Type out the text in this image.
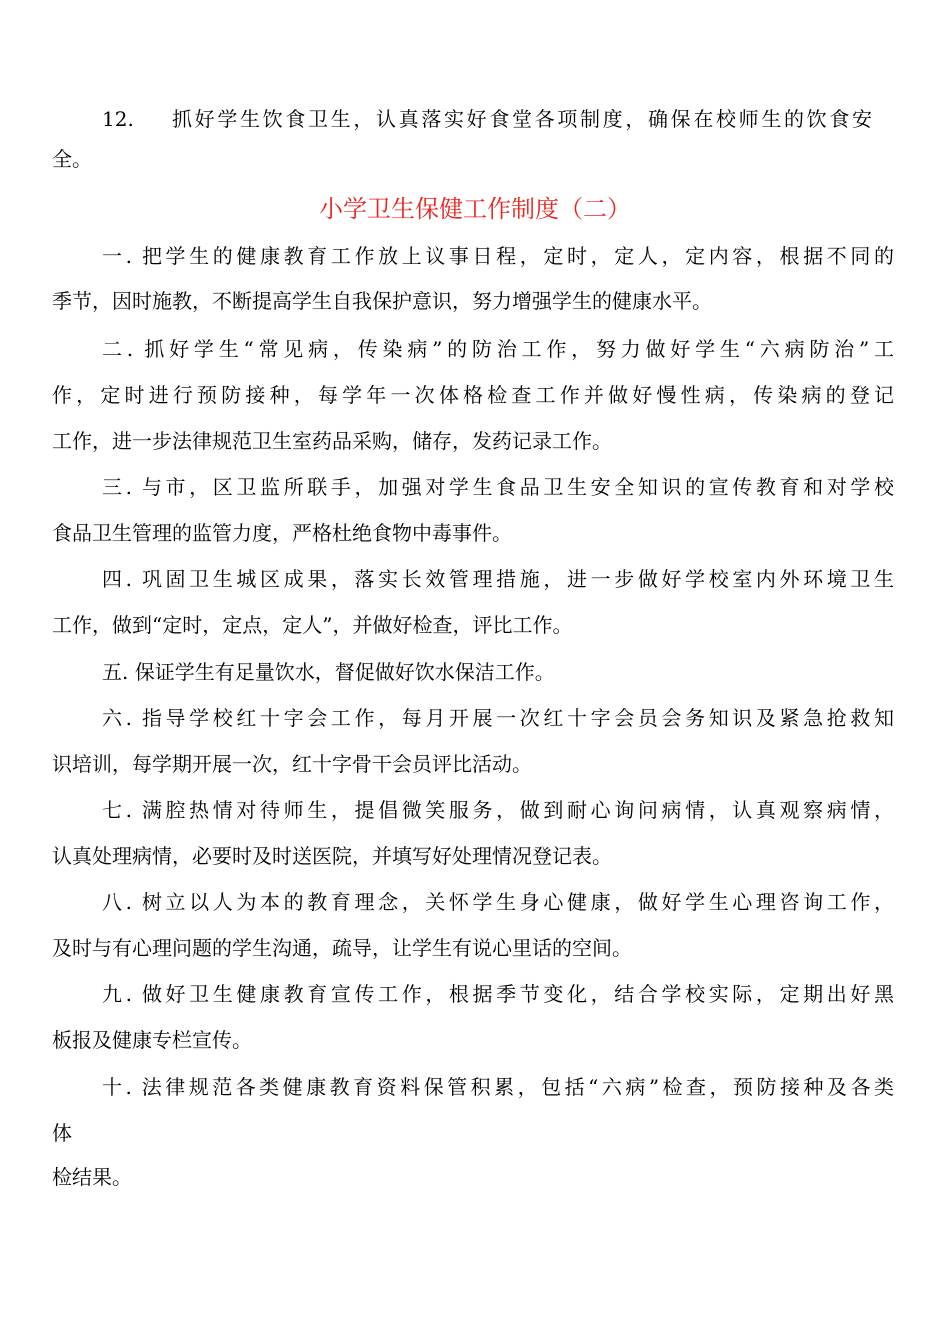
12. 抓好学生饮食卫生，认真落实好食堂各项制度，确保在校师生的饮食安
全。
小学卫生保健工作制度（二）
一. 把学生的健康教育工作放上议事日程，定时，定人，定内容，根据不同的
季节，因时施教，不断提高学生自我保护意识，努力增强学生的健康水平。
二. 抓好学生“常见病，传染病”的防治工作，努力做好学生“六病防治”工
作，定时进行预防接种，每学年一次体格检查工作并做好慢性病，传染病的登记
工作，进一步法律规范卫生室药品采购，储存，发药记录工作。
三. 与市，区卫监所联手，加强对学生食品卫生安全知识的宣传教育和对学校
食品卫生管理的监管力度，严格杜绝食物中毒事件。
四. 巩固卫生城区成果，落实长效管理措施，进一步做好学校室内外环境卫生
工作，做到“定时，定点，定人”，并做好检查，评比工作。
五. 保证学生有足量饮水，督促做好饮水保洁工作。
六. 指导学校红十字会工作，每月开展一次红十字会员会务知识及紧急抢救知
识培训，每学期开展一次，红十字骨干会员评比活动。
七. 满腔热情对待师生，提倡微笑服务，做到耐心询问病情，认真观察病情，
认真处理病情，必要时及时送医院，并填写好处理情况登记表。
八. 树立以人为本的教育理念，关怀学生身心健康，做好学生心理咨询工作，
及时与有心理问题的学生沟通，疏导，让学生有说心里话的空间。
九. 做好卫生健康教育宣传工作，根据季节变化，结合学校实际，定期出好黑
板报及健康专栏宣传。
十. 法律规范各类健康教育资料保管积累，包括“六病”检查，预防接种及各类
体
检结果。
